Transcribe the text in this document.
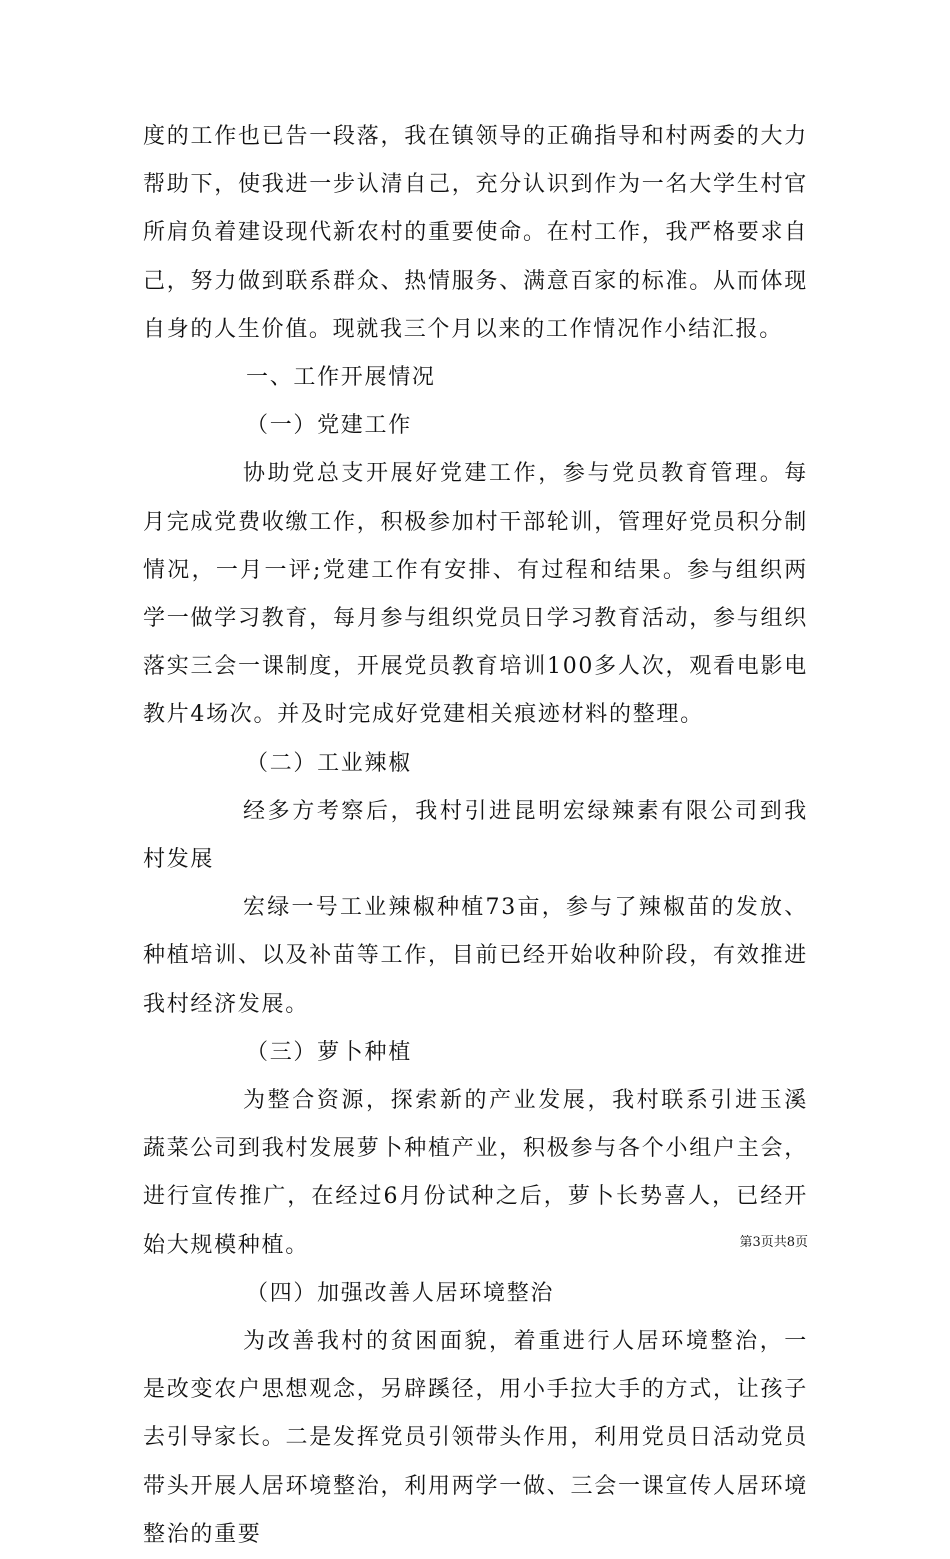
度的工作也已告一段落，我在镇领导的正确指导和村两委的大力帮助下，使我进一步认清自己，充分认识到作为一名大学生村官所肩负着建设现代新农村的重要使命。在村工作，我严格要求自己，努力做到联系群众、热情服务、满意百家的标准。从而体现自身的人生价值。现就我三个月以来的工作情况作小结汇报。

一、工作开展情况

（一）党建工作

协助党总支开展好党建工作，参与党员教育管理。每月完成党费收缴工作，积极参加村干部轮训，管理好党员积分制情况，一月一评;党建工作有安排、有过程和结果。参与组织两学一做学习教育，每月参与组织党员日学习教育活动，参与组织落实三会一课制度，开展党员教育培训100多人次，观看电影电教片4场次。并及时完成好党建相关痕迹材料的整理。

（二）工业辣椒

经多方考察后，我村引进昆明宏绿辣素有限公司到我村发展

宏绿一号工业辣椒种植73亩，参与了辣椒苗的发放、种植培训、以及补苗等工作，目前已经开始收种阶段，有效推进我村经济发展。

（三）萝卜种植

为整合资源，探索新的产业发展，我村联系引进玉溪蔬菜公司到我村发展萝卜种植产业，积极参与各个小组户主会，进行宣传推广，在经过6月份试种之后，萝卜长势喜人，已经开始大规模种植。

（四）加强改善人居环境整治

为改善我村的贫困面貌，着重进行人居环境整治，一是改变农户思想观念，另辟蹊径，用小手拉大手的方式，让孩子去引导家长。二是发挥党员引领带头作用，利用党员日活动党员带头开展人居环境整治，利用两学一做、三会一课宣传人居环境整治的重要

第3页共8页
